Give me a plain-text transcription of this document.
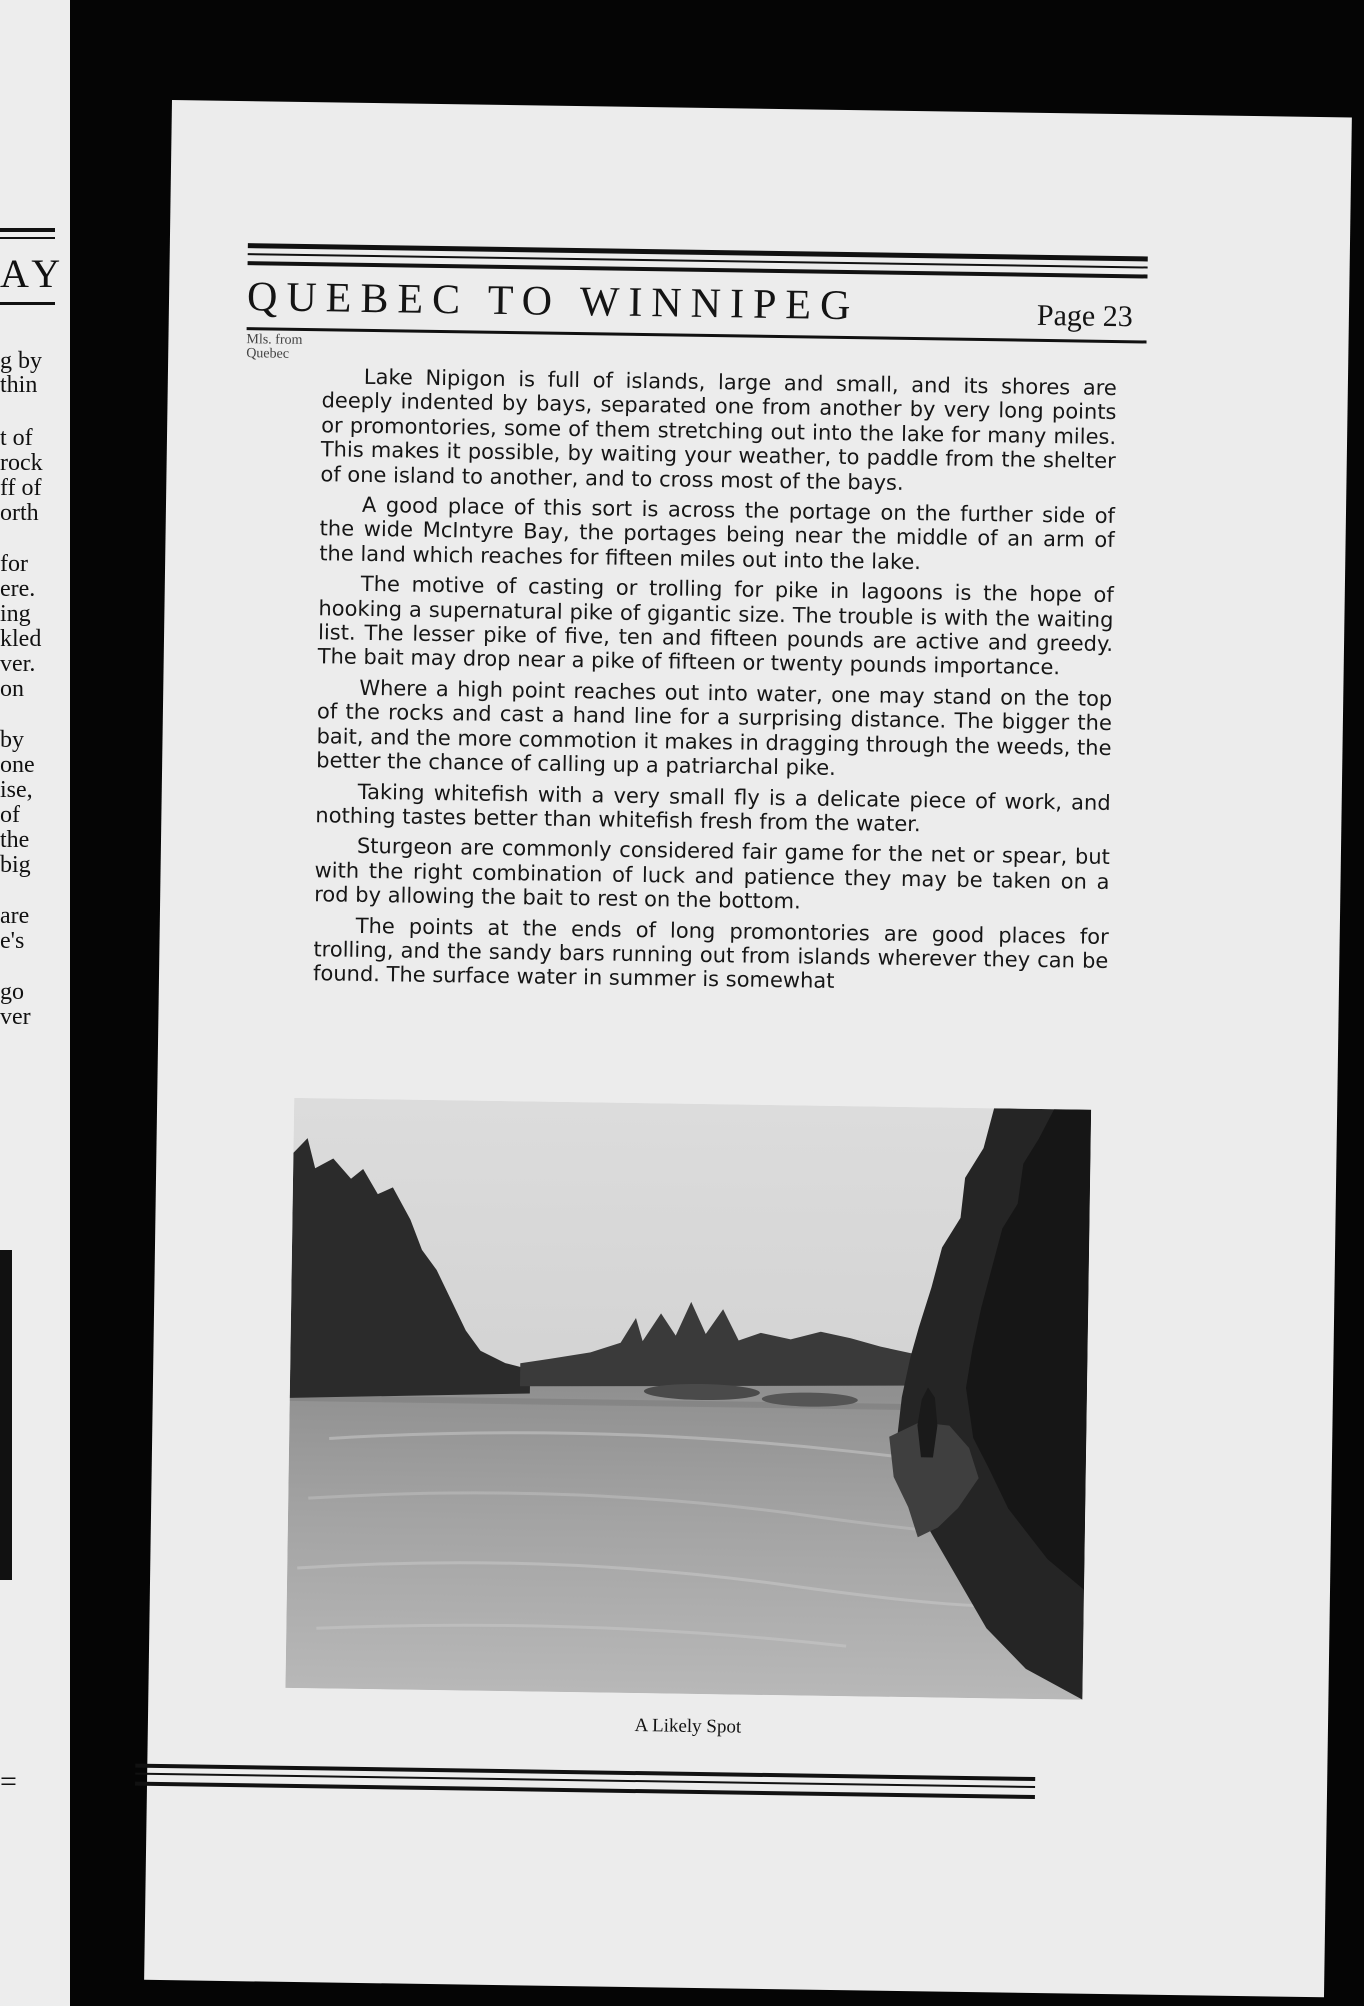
AY
g by
thin
t of
rock
ff of
orth
for
ere.
ing
kled
ver.
on
by
one
ise,
of
the
big
are
e's
go
ver
=
QUEBEC TO WINNIPEG	Page 23
Mls. from
Quebec

Lake Nipigon is full of islands, large and small, and its shores are deeply indented by bays, separated one from another by very long points or promontories, some of them stretching out into the lake for many miles. This makes it possible, by waiting your weather, to paddle from the shelter of one island to another, and to cross most of the bays.

A good place of this sort is across the portage on the further side of the wide McIntyre Bay, the portages being near the middle of an arm of the land which reaches for fifteen miles out into the lake.

The motive of casting or trolling for pike in lagoons is the hope of hooking a supernatural pike of gigantic size. The trouble is with the waiting list. The lesser pike of five, ten and fifteen pounds are active and greedy. The bait may drop near a pike of fifteen or twenty pounds importance.

Where a high point reaches out into water, one may stand on the top of the rocks and cast a hand line for a surprising distance. The bigger the bait, and the more commotion it makes in dragging through the weeds, the better the chance of calling up a patriarchal pike.

Taking whitefish with a very small fly is a delicate piece of work, and nothing tastes better than whitefish fresh from the water.

Sturgeon are commonly considered fair game for the net or spear, but with the right combination of luck and patience they may be taken on a rod by allowing the bait to rest on the bottom.

The points at the ends of long promontories are good places for trolling, and the sandy bars running out from islands wherever they can be found. The surface water in summer is somewhat

A Likely Spot
